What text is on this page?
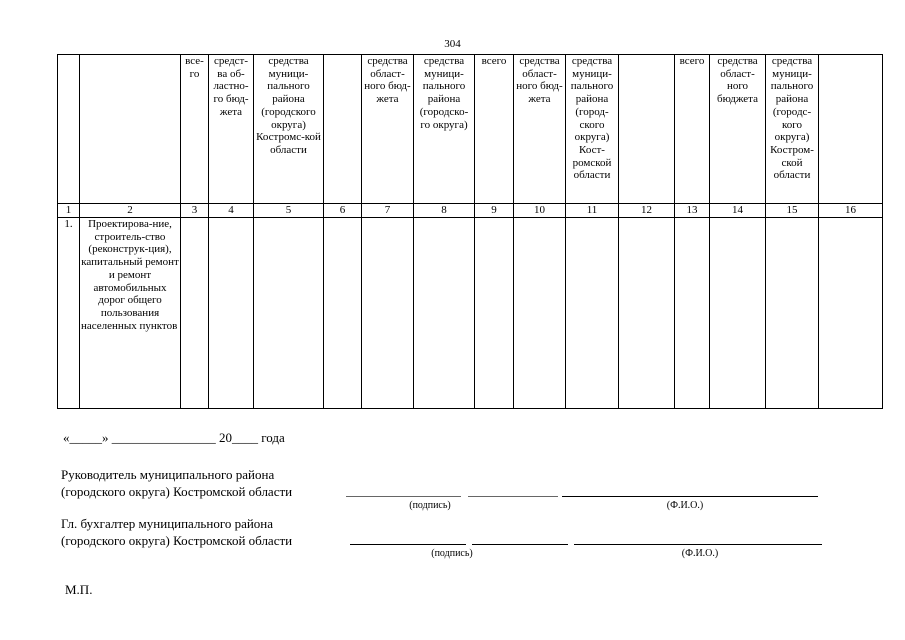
304
		все-го	средст-ва об-ластно-го бюд-жета	средства муници-пального района (городского округа) Костромс-кой области		средства област-ного бюд-жета	средства муници-пального района (городско-го округа)	всего	средства област-ного бюд-жета	средства муници-пального района (город-ского округа) Кост-ромской области		всего	средства област-ного бюджета	средства муници-пального района (городс-кого округа) Костром-ской области	
1	2	3	4	5	6	7	8	9	10	11	12	13	14	15	16
1.	Проектирова-ние, строитель-ство (реконструк-ция), капитальный ремонт и ремонт автомобильных дорог общего пользования населенных пунктов														
«_____» ________________ 20____ года
Руководитель муниципального района
(городского округа) Костромской области
(подпись)	(Ф.И.О.)
Гл. бухгалтер муниципального района
(городского округа) Костромской области
(подпись)	(Ф.И.О.)
М.П.
